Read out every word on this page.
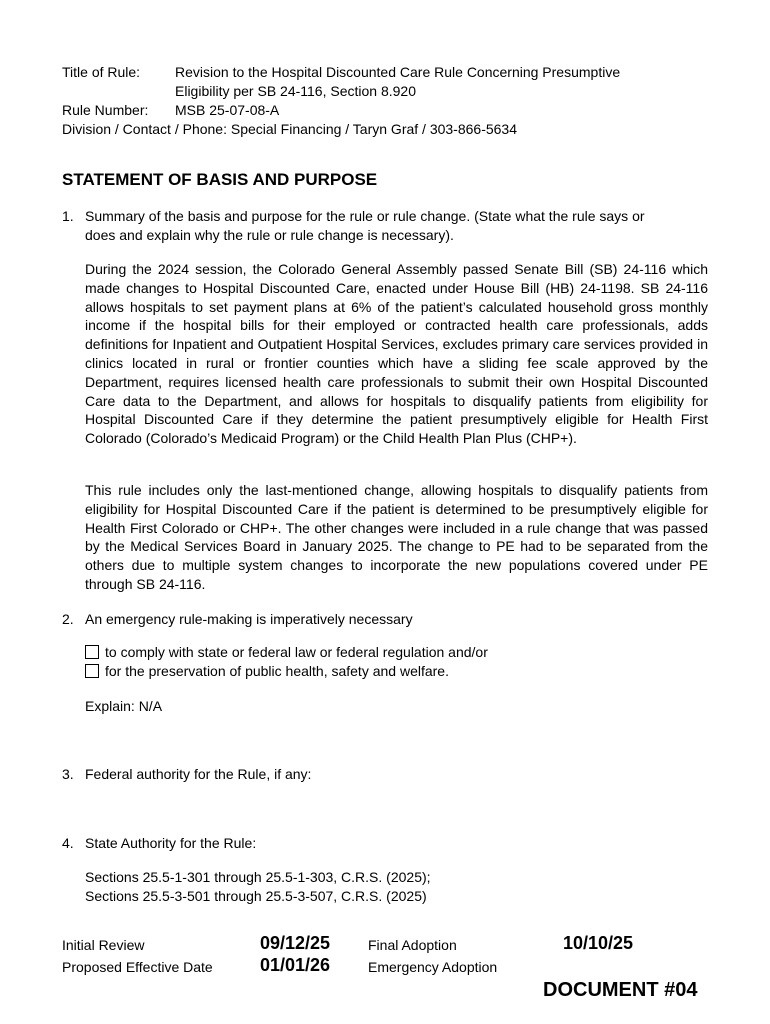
Title of Rule: Revision to the Hospital Discounted Care Rule Concerning Presumptive
Eligibility per SB 24-116, Section 8.920
Rule Number: MSB 25-07-08-A
Division / Contact / Phone: Special Financing / Taryn Graf / 303-866-5634
STATEMENT OF BASIS AND PURPOSE
1. Summary of the basis and purpose for the rule or rule change. (State what the rule says or
does and explain why the rule or rule change is necessary).
During the 2024 session, the Colorado General Assembly passed Senate Bill (SB) 24-116 which made changes to Hospital Discounted Care, enacted under House Bill (HB) 24-1198. SB 24-116 allows hospitals to set payment plans at 6% of the patient’s calculated household gross monthly income if the hospital bills for their employed or contracted health care professionals, adds definitions for Inpatient and Outpatient Hospital Services, excludes primary care services provided in clinics located in rural or frontier counties which have a sliding fee scale approved by the Department, requires licensed health care professionals to submit their own Hospital Discounted Care data to the Department, and allows for hospitals to disqualify patients from eligibility for Hospital Discounted Care if they determine the patient presumptively eligible for Health First Colorado (Colorado’s Medicaid Program) or the Child Health Plan Plus (CHP+).
This rule includes only the last-mentioned change, allowing hospitals to disqualify patients from eligibility for Hospital Discounted Care if the patient is determined to be presumptively eligible for Health First Colorado or CHP+. The other changes were included in a rule change that was passed by the Medical Services Board in January 2025. The change to PE had to be separated from the others due to multiple system changes to incorporate the new populations covered under PE through SB 24-116.
2. An emergency rule-making is imperatively necessary
to comply with state or federal law or federal regulation and/or
for the preservation of public health, safety and welfare.
Explain: N/A
3. Federal authority for the Rule, if any:
4. State Authority for the Rule:
Sections 25.5-1-301 through 25.5-1-303, C.R.S. (2025);
Sections 25.5-3-501 through 25.5-3-507, C.R.S. (2025)
Initial Review	09/12/25	Final Adoption	10/10/25
Proposed Effective Date	01/01/26	Emergency Adoption
DOCUMENT #04
